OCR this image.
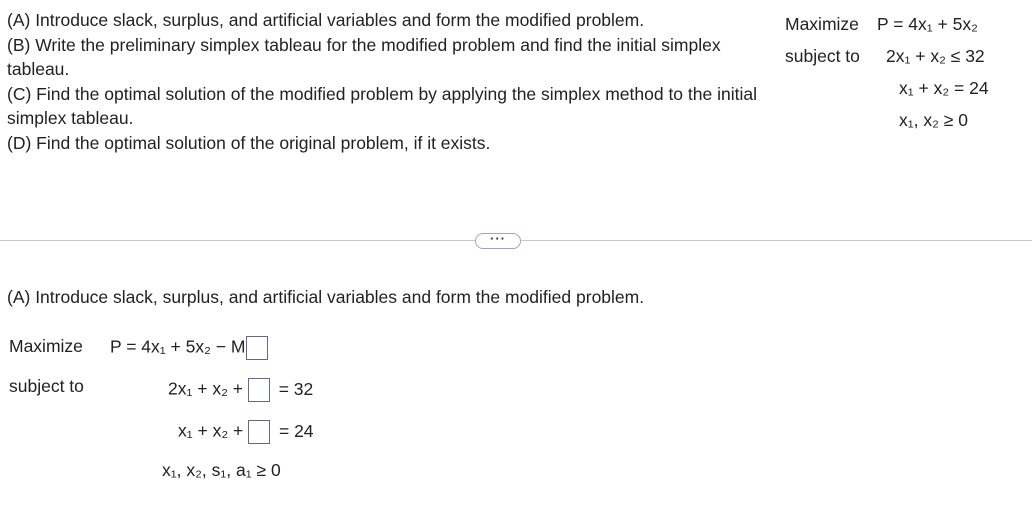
(A) Introduce slack, surplus, and artificial variables and form the modified problem.
(B) Write the preliminary simplex tableau for the modified problem and find the initial simplex tableau.
(C) Find the optimal solution of the modified problem by applying the simplex method to the initial simplex tableau.
(D) Find the optimal solution of the original problem, if it exists.
Maximize P = 4x₁ + 5x₂
subject to 2x₁ + x₂ ≤ 32
x₁ + x₂ = 24
x₁, x₂ ≥ 0
···
(A) Introduce slack, surplus, and artificial variables and form the modified problem.
Maximize P = 4x₁ + 5x₂ − M
subject to	2x₁ + x₂ + = 32
x₁ + x₂ + = 24
x₁, x₂, s₁, a₁ ≥ 0
